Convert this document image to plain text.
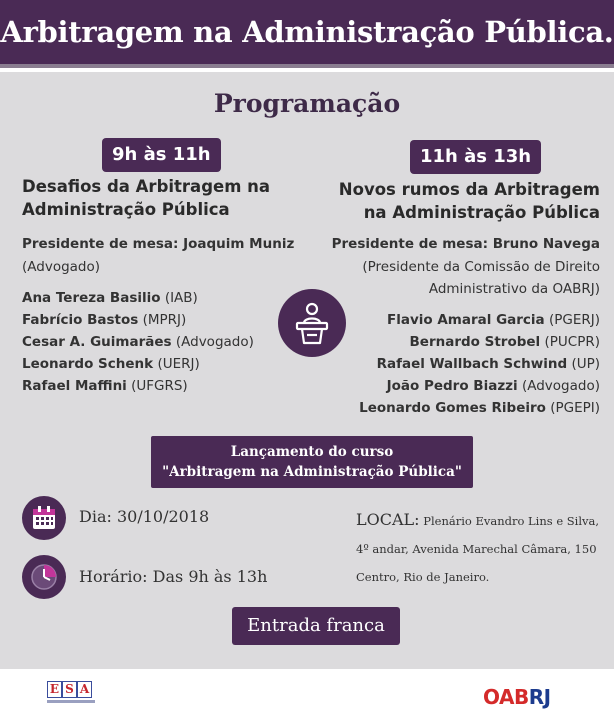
Arbitragem na Administração Pública.
Programação
9h às 11h
Desafios da Arbitragem na
Administração Pública
Presidente de mesa: Joaquim Muniz
(Advogado)
Ana Tereza Basilio (IAB)
Fabrício Bastos (MPRJ)
Cesar A. Guimarães (Advogado)
Leonardo Schenk (UERJ)
Rafael Maffini (UFGRS)
11h às 13h
Novos rumos da Arbitragem
na Administração Pública
Presidente de mesa: Bruno Navega
(Presidente da Comissão de Direito
Administrativo da OABRJ)
Flavio Amaral Garcia (PGERJ)
Bernardo Strobel (PUCPR)
Rafael Wallbach Schwind (UP)
João Pedro Biazzi (Advogado)
Leonardo Gomes Ribeiro (PGEPI)
Lançamento do curso
"Arbitragem na Administração Pública"
Dia: 30/10/2018
Horário: Das 9h às 13h
LOCAL: Plenário Evandro Lins e Silva,
4º andar, Avenida Marechal Câmara, 150
Centro, Rio de Janeiro.
Entrada franca
E S A	OABRJ
